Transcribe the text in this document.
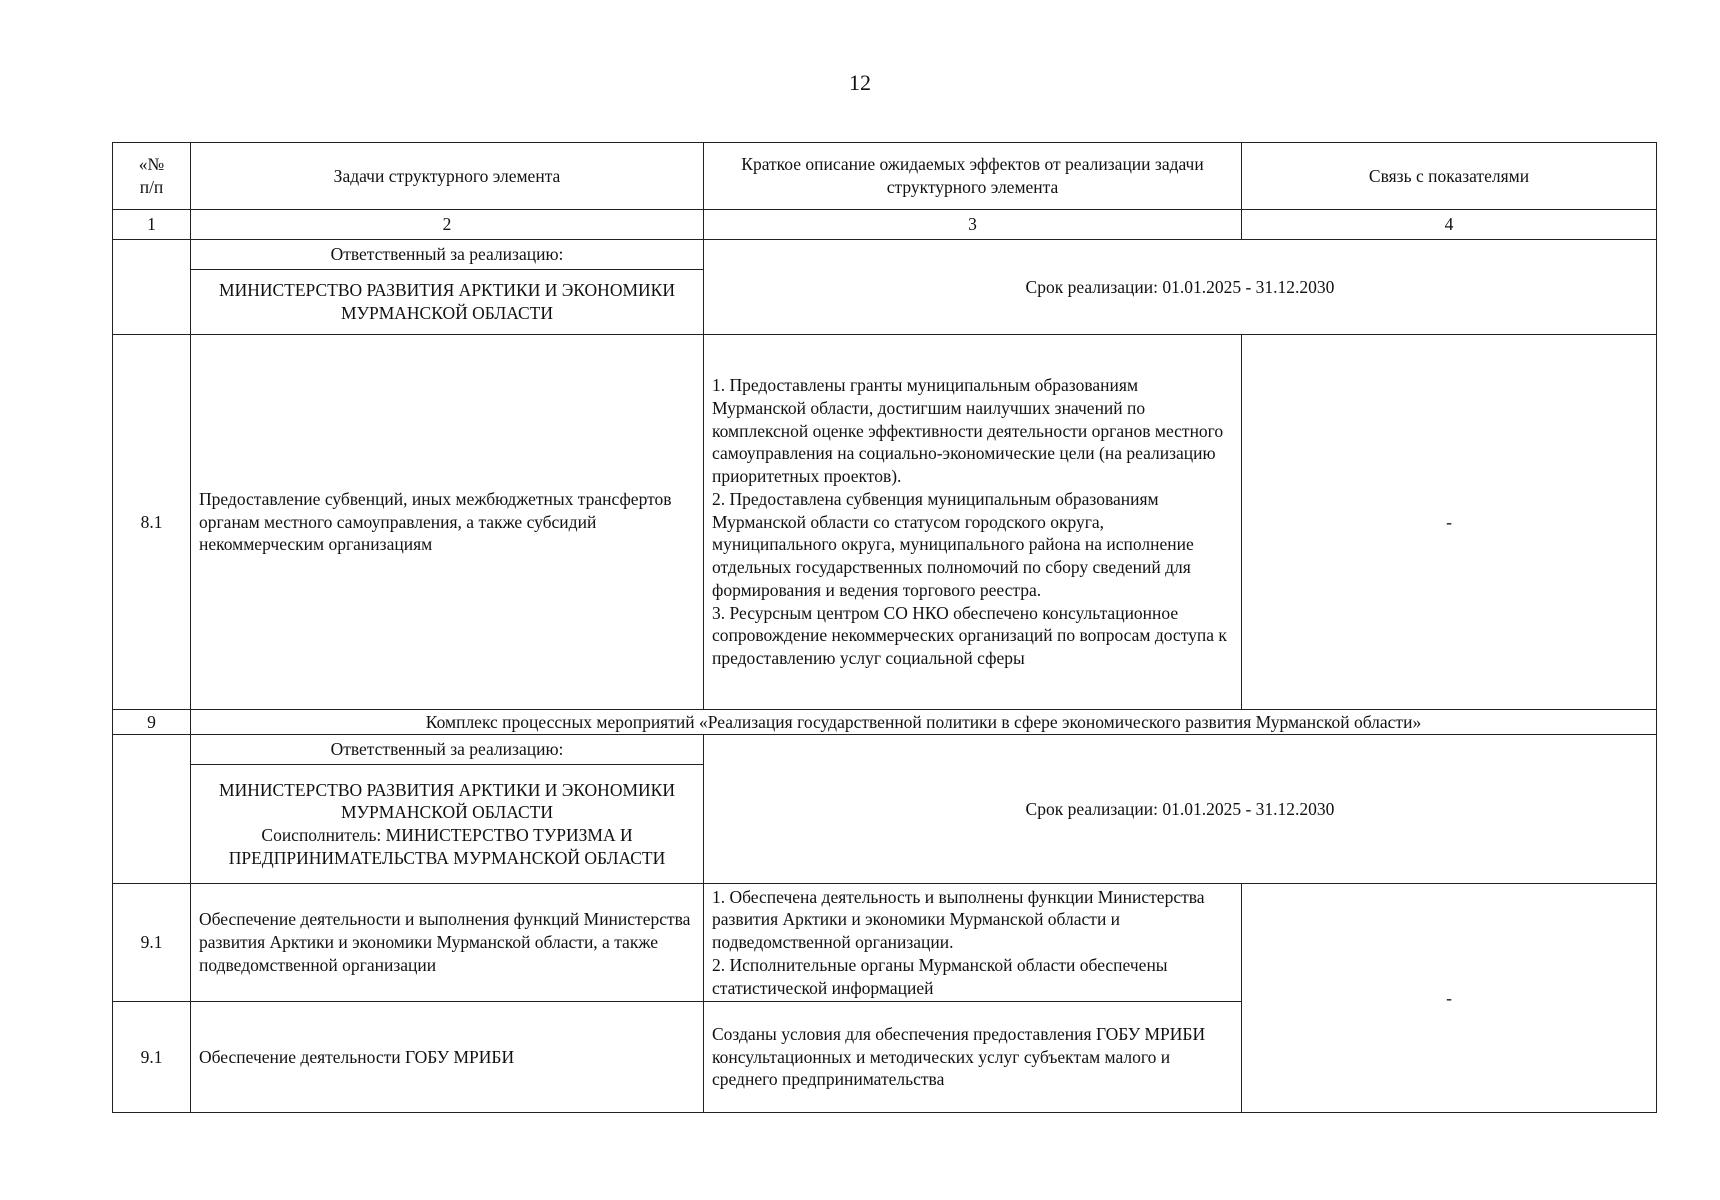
12
«№
п/п	Задачи структурного элемента	Краткое описание ожидаемых эффектов от реализации задачи структурного элемента	Связь с показателями
1	2	3	4
	Ответственный за реализацию:	Срок реализации: 01.01.2025 - 31.12.2030	
	МИНИСТЕРСТВО РАЗВИТИЯ АРКТИКИ И ЭКОНОМИКИ МУРМАНСКОЙ ОБЛАСТИ		
8.1	Предоставление субвенций, иных межбюджетных трансфертов органам местного самоуправления, а также субсидий некоммерческим организациям	1. Предоставлены гранты муниципальным образованиям Мурманской области, достигшим наилучших значений по комплексной оценке эффективности деятельности органов местного самоуправления на социально-экономические цели (на реализацию приоритетных проектов).
2. Предоставлена субвенция муниципальным образованиям Мурманской области со статусом городского округа, муниципального округа, муниципального района на исполнение отдельных государственных полномочий по сбору сведений для формирования и ведения торгового реестра.
3. Ресурсным центром СО НКО обеспечено консультационное сопровождение некоммерческих организаций по вопросам доступа к предоставлению услуг социальной сферы	-
9	Комплекс процессных мероприятий «Реализация государственной политики в сфере экономического развития Мурманской области»		
	Ответственный за реализацию:	Срок реализации: 01.01.2025 - 31.12.2030	
	МИНИСТЕРСТВО РАЗВИТИЯ АРКТИКИ И ЭКОНОМИКИ МУРМАНСКОЙ ОБЛАСТИ
Соисполнитель: МИНИСТЕРСТВО ТУРИЗМА И ПРЕДПРИНИМАТЕЛЬСТВА МУРМАНСКОЙ ОБЛАСТИ		
9.1	Обеспечение деятельности и выполнения функций Министерства развития Арктики и экономики Мурманской области, а также подведомственной организации	1. Обеспечена деятельность и выполнены функции Министерства развития Арктики и экономики Мурманской области и подведомственной организации.
2. Исполнительные органы Мурманской области обеспечены статистической информацией	-
9.1	Обеспечение деятельности ГОБУ МРИБИ	Созданы условия для обеспечения предоставления ГОБУ МРИБИ консультационных и методических услуг субъектам малого и среднего предпринимательства	
